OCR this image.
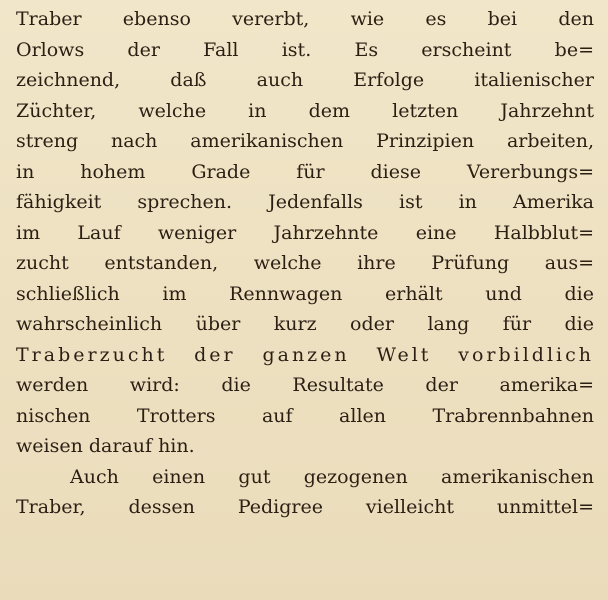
Traber ebenso vererbt, wie es bei den
Orlows der Fall ist. Es erscheint be=
zeichnend, daß auch Erfolge italienischer
Züchter, welche in dem letzten Jahrzehnt
streng nach amerikanischen Prinzipien arbeiten,
in hohem Grade für diese Vererbungs=
fähigkeit sprechen. Jedenfalls ist in Amerika
im Lauf weniger Jahrzehnte eine Halbblut=
zucht entstanden, welche ihre Prüfung aus=
schließlich im Rennwagen erhält und die
wahrscheinlich über kurz oder lang für die
Traberzucht der ganzen Welt vorbildlich
werden wird: die Resultate der amerika=
nischen Trotters auf allen Trabrennbahnen
weisen darauf hin.
Auch einen gut gezogenen amerikanischen
Traber, dessen Pedigree vielleicht unmittel=
